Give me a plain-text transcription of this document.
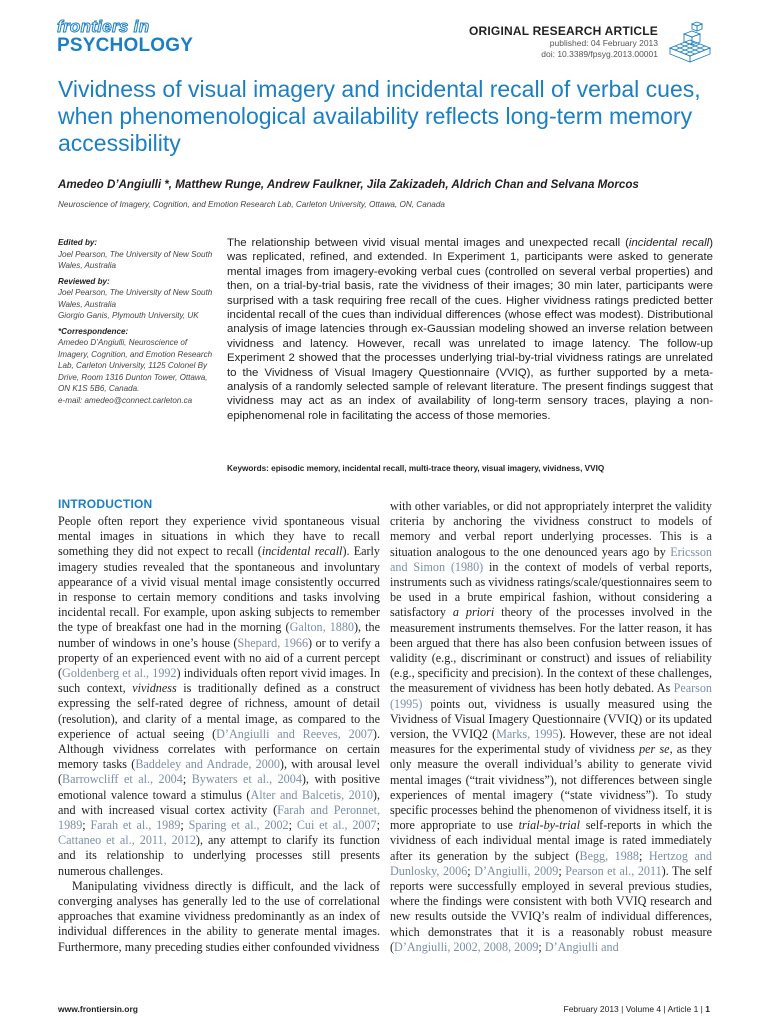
frontiers in
PSYCHOLOGY
ORIGINAL RESEARCH ARTICLE
published: 04 February 2013
doi: 10.3389/fpsyg.2013.00001
Vividness of visual imagery and incidental recall of verbal cues, when phenomenological availability reflects long-term memory accessibility
Amedeo D’Angiulli *, Matthew Runge, Andrew Faulkner, Jila Zakizadeh, Aldrich Chan and Selvana Morcos
Neuroscience of Imagery, Cognition, and Emotion Research Lab, Carleton University, Ottawa, ON, Canada
Edited by:
Joel Pearson, The University of New South Wales, Australia
Reviewed by:
Joel Pearson, The University of New South Wales, Australia
Giorgio Ganis, Plymouth University, UK
*Correspondence:
Amedeo D’Angiulli, Neuroscience of Imagery, Cognition, and Emotion Research Lab, Carleton University, 1125 Colonel By Drive, Room 1316 Dunton Tower, Ottawa, ON K1S 5B6, Canada.
e-mail: amedeo@connect.carleton.ca
The relationship between vivid visual mental images and unexpected recall (incidental recall) was replicated, refined, and extended. In Experiment 1, participants were asked to generate mental images from imagery-evoking verbal cues (controlled on several verbal properties) and then, on a trial-by-trial basis, rate the vividness of their images; 30 min later, participants were surprised with a task requiring free recall of the cues. Higher vividness ratings predicted better incidental recall of the cues than individual differences (whose effect was modest). Distributional analysis of image latencies through ex-Gaussian modeling showed an inverse relation between vividness and latency. However, recall was unrelated to image latency. The follow-up Experiment 2 showed that the processes underlying trial-by-trial vividness ratings are unrelated to the Vividness of Visual Imagery Questionnaire (VVIQ), as further supported by a meta-analysis of a randomly selected sample of relevant literature. The present findings suggest that vividness may act as an index of availability of long-term sensory traces, playing a non-epiphenomenal role in facilitating the access of those memories.
Keywords: episodic memory, incidental recall, multi-trace theory, visual imagery, vividness, VVIQ
INTRODUCTION

People often report they experience vivid spontaneous visual mental images in situations in which they have to recall something they did not expect to recall (incidental recall). Early imagery studies revealed that the spontaneous and involuntary appearance of a vivid visual mental image consistently occurred in response to certain memory conditions and tasks involving incidental recall. For example, upon asking subjects to remember the type of breakfast one had in the morning (Galton, 1880), the number of windows in one’s house (Shepard, 1966) or to verify a property of an experienced event with no aid of a current percept (Goldenberg et al., 1992) individuals often report vivid images. In such context, vividness is traditionally defined as a construct expressing the self-rated degree of richness, amount of detail (resolution), and clarity of a mental image, as compared to the experience of actual seeing (D’Angiulli and Reeves, 2007). Although vividness correlates with performance on certain memory tasks (Baddeley and Andrade, 2000), with arousal level (Barrowcliff et al., 2004; Bywaters et al., 2004), with positive emotional valence toward a stimulus (Alter and Balcetis, 2010), and with increased visual cortex activity (Farah and Peronnet, 1989; Farah et al., 1989; Sparing et al., 2002; Cui et al., 2007; Cattaneo et al., 2011, 2012), any attempt to clarify its function and its relationship to underlying processes still presents numerous challenges.

Manipulating vividness directly is difficult, and the lack of converging analyses has generally led to the use of correlational approaches that examine vividness predominantly as an index of individual differences in the ability to generate mental images. Furthermore, many preceding studies either confounded vividness

with other variables, or did not appropriately interpret the validity criteria by anchoring the vividness construct to models of memory and verbal report underlying processes. This is a situation analogous to the one denounced years ago by Ericsson and Simon (1980) in the context of models of verbal reports, instruments such as vividness ratings/scale/questionnaires seem to be used in a brute empirical fashion, without considering a satisfactory a priori theory of the processes involved in the measurement instruments themselves. For the latter reason, it has been argued that there has also been confusion between issues of validity (e.g., discriminant or construct) and issues of reliability (e.g., specificity and precision). In the context of these challenges, the measurement of vividness has been hotly debated. As Pearson (1995) points out, vividness is usually measured using the Vividness of Visual Imagery Questionnaire (VVIQ) or its updated version, the VVIQ2 (Marks, 1995). However, these are not ideal measures for the experimental study of vividness per se, as they only measure the overall individual’s ability to generate vivid mental images (“trait vividness”), not differences between single experiences of mental imagery (“state vividness”). To study specific processes behind the phenomenon of vividness itself, it is more appropriate to use trial-by-trial self-reports in which the vividness of each individual mental image is rated immediately after its generation by the subject (Begg, 1988; Hertzog and Dunlosky, 2006; D’Angiulli, 2009; Pearson et al., 2011). The self reports were successfully employed in several previous studies, where the findings were consistent with both VVIQ research and new results outside the VVIQ’s realm of individual differences, which demonstrates that it is a reasonably robust measure (D’Angiulli, 2002, 2008, 2009; D’Angiulli and

www.frontiersin.org	February 2013 | Volume 4 | Article 1 | 1
